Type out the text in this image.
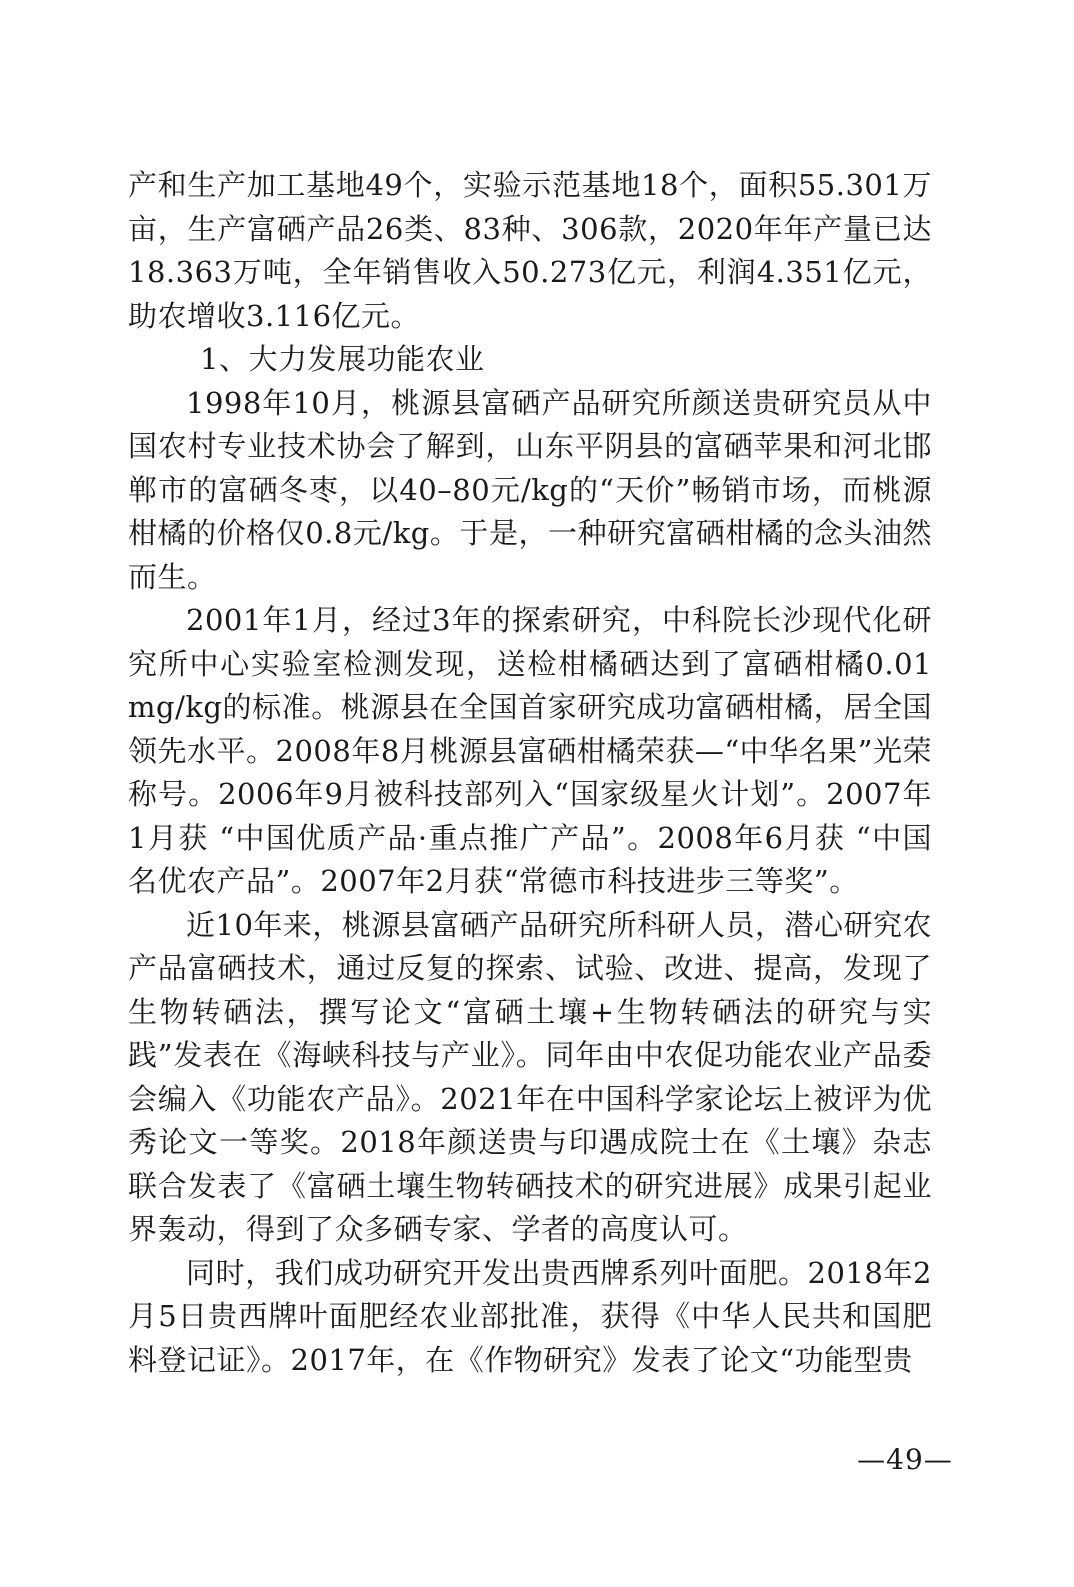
产和生产加工基地49个，实验示范基地18个，面积55.301万亩，生产富硒产品26类、83种、306款，2020年年产量已达18.363万吨，全年销售收入50.273亿元，利润4.351亿元，助农增收3.116亿元。

1、大力发展功能农业

1998年10月，桃源县富硒产品研究所颜送贵研究员从中国农村专业技术协会了解到，山东平阴县的富硒苹果和河北邯郸市的富硒冬枣，以40–80元/kg的“天价”畅销市场，而桃源柑橘的价格仅0.8元/kg。于是，一种研究富硒柑橘的念头油然而生。

2001年1月，经过3年的探索研究，中科院长沙现代化研究所中心实验室检测发现，送检柑橘硒达到了富硒柑橘0.01 mg/kg的标准。桃源县在全国首家研究成功富硒柑橘，居全国领先水平。2008年8月桃源县富硒柑橘荣获—“中华名果”光荣称号。2006年9月被科技部列入“国家级星火计划”。2007年1月获 “中国优质产品·重点推广产品”。2008年6月获 “中国名优农产品”。2007年2月获“常德市科技进步三等奖”。

近10年来，桃源县富硒产品研究所科研人员，潜心研究农产品富硒技术，通过反复的探索、试验、改进、提高，发现了生物转硒法，撰写论文“富硒土壤+生物转硒法的研究与实践”发表在《海峡科技与产业》。同年由中农促功能农业产品委会编入《功能农产品》。2021年在中国科学家论坛上被评为优秀论文一等奖。2018年颜送贵与印遇成院士在《土壤》杂志联合发表了《富硒土壤生物转硒技术的研究进展》成果引起业界轰动，得到了众多硒专家、学者的高度认可。

同时，我们成功研究开发出贵西牌系列叶面肥。2018年2月5日贵西牌叶面肥经农业部批准，获得《中华人民共和国肥料登记证》。2017年，在《作物研究》发表了论文“功能型贵

—49—
